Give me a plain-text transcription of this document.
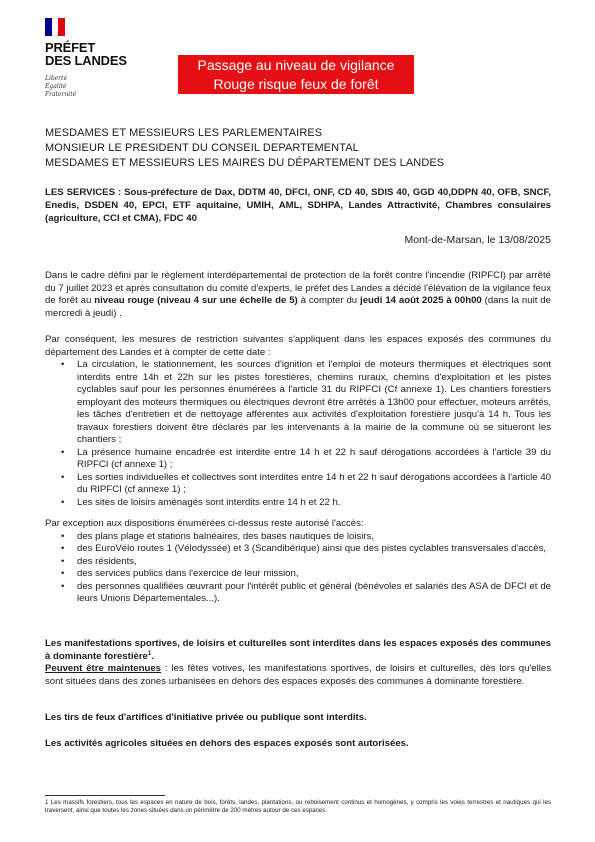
PRÉFET
DES LANDES
Liberté
Égalité
Fraternité
Passage au niveau de vigilance
Rouge risque feux de forêt
MESDAMES ET MESSIEURS LES PARLEMENTAIRES
MONSIEUR LE PRESIDENT DU CONSEIL DEPARTEMENTAL
MESDAMES ET MESSIEURS LES MAIRES DU DÉPARTEMENT DES LANDES
LES SERVICES : Sous-préfecture de Dax, DDTM 40, DFCI, ONF, CD 40, SDIS 40, GGD 40,DDPN 40, OFB, SNCF, Enedis, DSDEN 40, EPCI, ETF aquitaine, UMIH, AML, SDHPA, Landes Attractivité, Chambres consulaires (agriculture, CCI et CMA), FDC 40
Mont-de-Marsan, le 13/08/2025
Dans le cadre défini par le règlement interdépartemental de protection de la forêt contre l'incendie (RIPFCI) par arrêté du 7 juillet 2023 et après consultation du comité d'experts, le préfet des Landes a décidé l'élévation de la vigilance feux de forêt au niveau rouge (niveau 4 sur une échelle de 5) à compter du jeudi 14 août 2025 à 00h00 (dans la nuit de mercredi à jeudi) .
Par conséquent, les mesures de restriction suivantes s'appliquent dans les espaces exposés des communes du département des Landes et à compter de cette date :
• La circulation, le stationnement, les sources d'ignition et l'emploi de moteurs thermiques et électriques sont interdits entre 14h et 22h sur les pistes forestières, chemins ruraux, chemins d'exploitation et les pistes cyclables sauf pour les personnes énumérées à l'article 31 du RIPFCI (Cf annexe 1). Les chantiers forestiers employant des moteurs thermiques ou électriques devront être arrêtés à 13h00 pour effectuer, moteurs arrêtés, les tâches d'entretien et de nettoyage afférentes aux activités d'exploitation forestière jusqu'à 14 h. Tous les travaux forestiers doivent être déclarés par les intervenants à la mairie de la commune où se situeront les chantiers ;
• La présence humaine encadrée est interdite entre 14 h et 22 h sauf dérogations accordées à l'article 39 du RIPFCI (cf annexe 1) ;
• Les sorties individuelles et collectives sont interdites entre 14 h et 22 h sauf dérogations accordées à l'article 40 du RIPFCI (cf annexe 1) ;
• Les sites de loisirs aménagés sont interdits entre 14 h et 22 h.
Par exception aux dispositions énumérées ci-dessus reste autorisé l'accès:
• des plans plage et stations balnéaires, des bases nautiques de loisirs,
• des EuroVélo routes 1 (Vélodyssée) et 3 (Scandibérique) ainsi que des pistes cyclables transversales d'accès,
• des résidents,
• des services publics dans l'exercice de leur mission,
• des personnes qualifiées œuvrant pour l'intérêt public et général (bénévoles et salariés des ASA de DFCI et de leurs Unions Départementales...).
Les manifestations sportives, de loisirs et culturelles sont interdites dans les espaces exposés des communes à dominante forestière$^1$.
Peuvent être maintenues : les fêtes votives, les manifestations sportives, de loisirs et culturelles, dès lors qu'elles sont situées dans des zones urbanisées en dehors des espaces exposés des communes à dominante forestière.
Les tirs de feux d'artifices d'initiative privée ou publique sont interdits.
Les activités agricoles situées en dehors des espaces exposés sont autorisées.
1 Les massifs forestiers, tous les espaces en nature de bois, forêts, landes, plantations, ou reboisement continus et homogènes, y compris les voies terrestres et nautiques qui les traversent, ainsi que toutes les zones situées dans un périmètre de 200 mètres autour de ces espaces.
